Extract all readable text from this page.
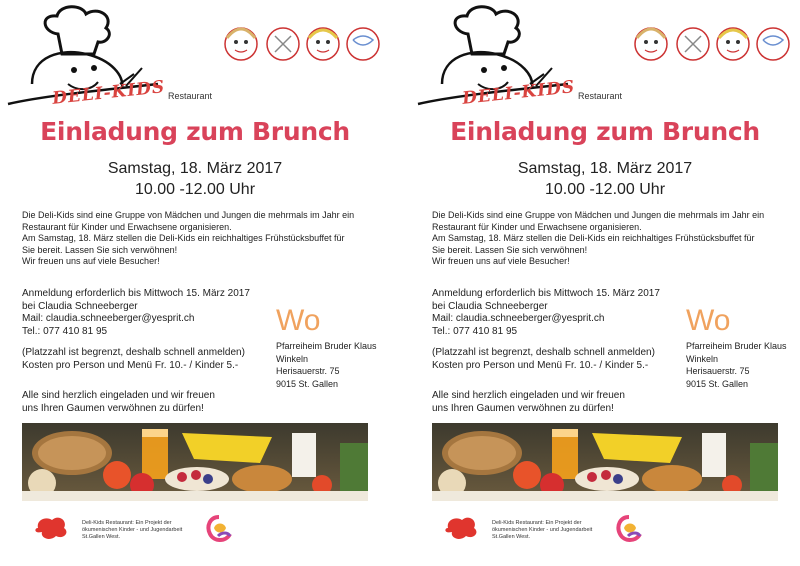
DELI-KIDS Restaurant
Einladung zum Brunch
Samstag, 18. März 2017
10.00 -12.00 Uhr

Die Deli-Kids sind eine Gruppe von Mädchen und Jungen die mehrmals im Jahr ein

Restaurant für Kinder und Erwachsene organisieren.

Am Samstag, 18. März stellen die Deli-Kids ein reichhaltiges Frühstücksbuffet für

Sie bereit. Lassen Sie sich verwöhnen!

Wir freuen uns auf viele Besucher!

Anmeldung erforderlich bis Mittwoch 15. März 2017

bei Claudia Schneeberger

Mail: claudia.schneeberger@yesprit.ch

Tel.: 077 410 81 95

(Platzzahl ist begrenzt, deshalb schnell anmelden)

Kosten pro Person und Menü Fr. 10.- / Kinder 5.-

Alle sind herzlich eingeladen und wir freuen

uns Ihren Gaumen verwöhnen zu dürfen!

Wo

Pfarreiheim Bruder Klaus

Winkeln

Herisauerstr. 75

9015 St. Gallen

Deli-Kids Restaurant: Ein Projekt der

ökumenischen Kinder - und Jugendarbeit

St.Gallen West.

DELI-KIDS Restaurant
Einladung zum Brunch
Samstag, 18. März 2017
10.00 -12.00 Uhr

Die Deli-Kids sind eine Gruppe von Mädchen und Jungen die mehrmals im Jahr ein

Restaurant für Kinder und Erwachsene organisieren.

Am Samstag, 18. März stellen die Deli-Kids ein reichhaltiges Frühstücksbuffet für

Sie bereit. Lassen Sie sich verwöhnen!

Wir freuen uns auf viele Besucher!

Anmeldung erforderlich bis Mittwoch 15. März 2017

bei Claudia Schneeberger

Mail: claudia.schneeberger@yesprit.ch

Tel.: 077 410 81 95

(Platzzahl ist begrenzt, deshalb schnell anmelden)

Kosten pro Person und Menü Fr. 10.- / Kinder 5.-

Alle sind herzlich eingeladen und wir freuen

uns Ihren Gaumen verwöhnen zu dürfen!

Wo

Pfarreiheim Bruder Klaus

Winkeln

Herisauerstr. 75

9015 St. Gallen

Deli-Kids Restaurant: Ein Projekt der

ökumenischen Kinder - und Jugendarbeit

St.Gallen West.
